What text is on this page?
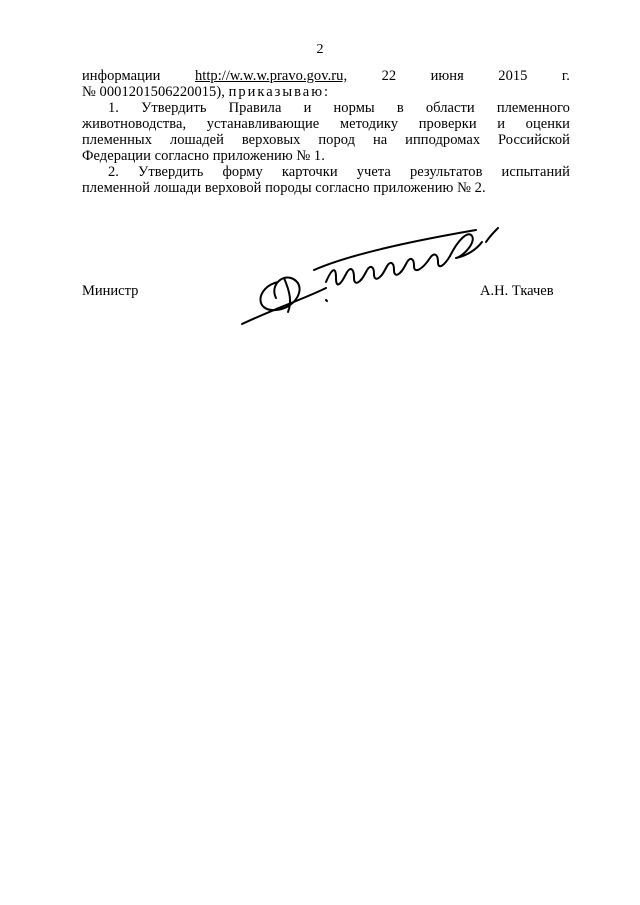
2
информации http://w.w.w.pravo.gov.ru, 22 июня 2015 г.
№ 0001201506220015), приказываю:
1. Утвердить Правила и нормы в области племенного
животноводства, устанавливающие методику проверки и оценки
племенных лошадей верховых пород на ипподромах Российской
Федерации согласно приложению № 1.
2. Утвердить форму карточки учета результатов испытаний
племенной лошади верховой породы согласно приложению № 2.
Министр	А.Н. Ткачев
